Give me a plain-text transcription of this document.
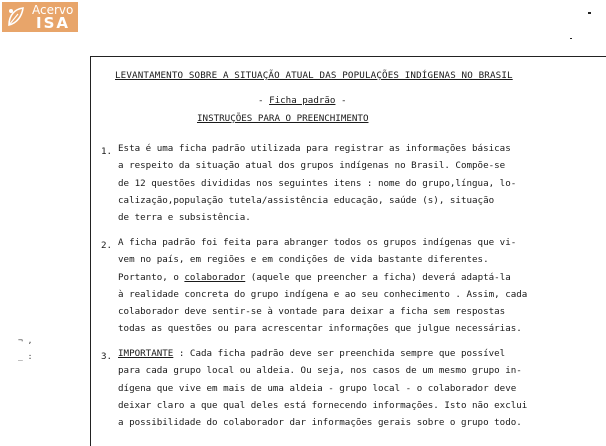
Acervo
ISA
LEVANTAMENTO SOBRE A SITUAÇÃO ATUAL DAS POPULAÇÕES INDÍGENAS NO BRASIL
- Ficha padrão -
INSTRUÇÕES PARA O PREENCHIMENTO
1. Esta é uma ficha padrão utilizada para registrar as informações básicas
a respeito da situação atual dos grupos indígenas no Brasil. Compõe-se
de 12 questões divididas nos seguintes itens : nome do grupo,língua, lo-
calização,população tutela/assistência educação, saúde (s), situação
de terra e subsistência.
2. A ficha padrão foi feita para abranger todos os grupos indígenas que vi-
vem no país, em regiões e em condições de vida bastante diferentes.
Portanto, o colaborador (aquele que preencher a ficha) deverá adaptá-la
à realidade concreta do grupo indígena e ao seu conhecimento . Assim, cada
colaborador deve sentir-se à vontade para deixar a ficha sem respostas
todas as questões ou para acrescentar informações que julgue necessárias.
3. IMPORTANTE : Cada ficha padrão deve ser preenchida sempre que possível
para cada grupo local ou aldeia. Ou seja, nos casos de um mesmo grupo in-
dígena que vive em mais de uma aldeia - grupo local - o colaborador deve
deixar claro a que qual deles está fornecendo informações. Isto não exclui
a possibilidade do colaborador dar informações gerais sobre o grupo todo.
¬ ,
_ :
